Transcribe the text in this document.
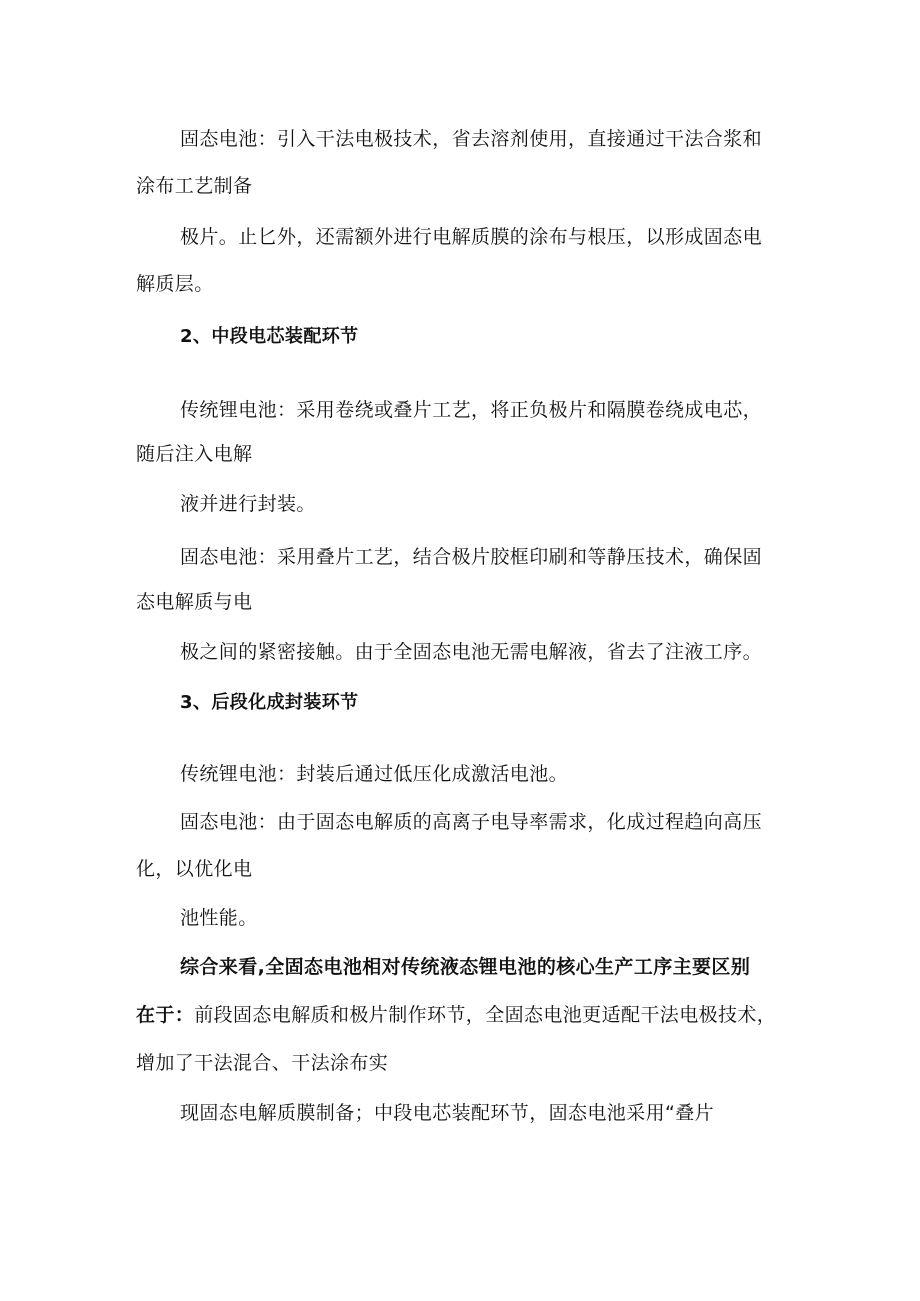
固态电池：引入干法电极技术，省去溶剂使用，直接通过干法合浆和
涂布工艺制备
极片。止匕外，还需额外进行电解质膜的涂布与根压，以形成固态电
解质层。
2、中段电芯装配环节
传统锂电池：采用卷绕或叠片工艺，将正负极片和隔膜卷绕成电芯，
随后注入电解
液并进行封装。
固态电池：采用叠片工艺，结合极片胶框印刷和等静压技术，确保固
态电解质与电
极之间的紧密接触。由于全固态电池无需电解液，省去了注液工序。
3、后段化成封装环节
传统锂电池：封装后通过低压化成激活电池。
固态电池：由于固态电解质的高离子电导率需求，化成过程趋向高压
化，以优化电
池性能。
综合来看,全固态电池相对传统液态锂电池的核心生产工序主要区别
在于：前段固态电解质和极片制作环节，全固态电池更适配干法电极技术，
增加了干法混合、干法涂布实
现固态电解质膜制备；中段电芯装配环节，固态电池采用“叠片
